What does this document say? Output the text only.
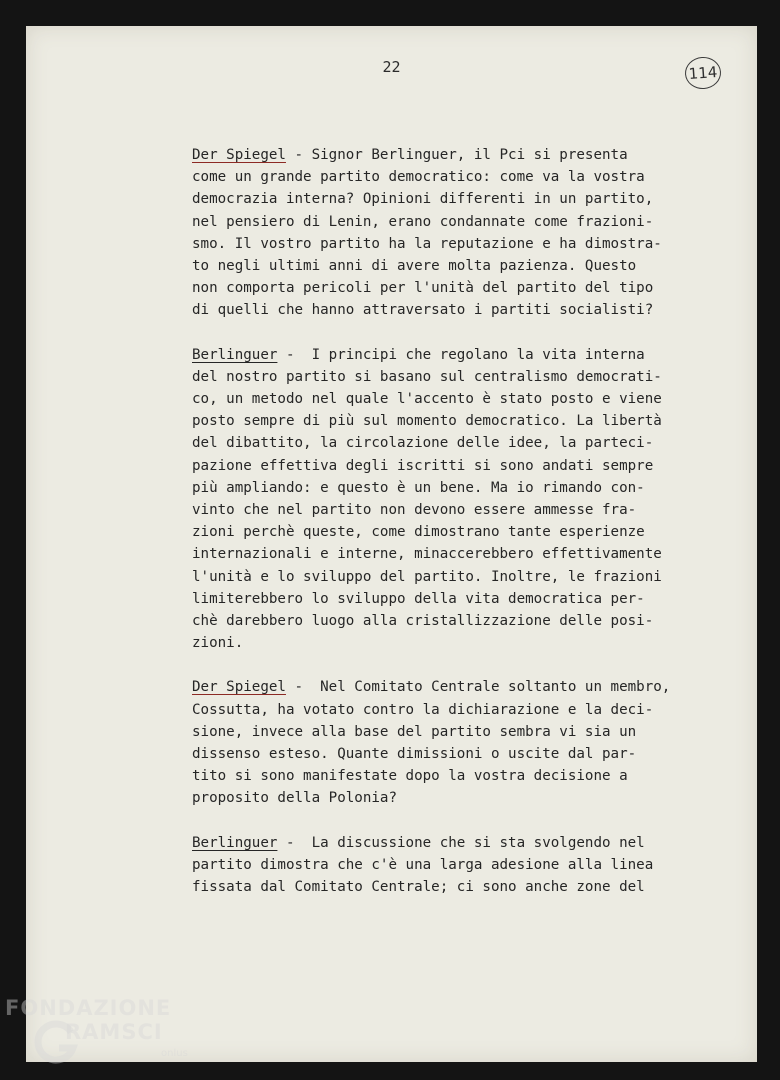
22	114

Der Spiegel - Signor Berlinguer, il Pci si presenta
come un grande partito democratico: come va la vostra
democrazia interna? Opinioni differenti in un partito,
nel pensiero di Lenin, erano condannate come frazioni-
smo. Il vostro partito ha la reputazione e ha dimostra-
to negli ultimi anni di avere molta pazienza. Questo
non comporta pericoli per l'unità del partito del tipo
di quelli che hanno attraversato i partiti socialisti?

Berlinguer -  I principi che regolano la vita interna
del nostro partito si basano sul centralismo democrati-
co, un metodo nel quale l'accento è stato posto e viene
posto sempre di più sul momento democratico. La libertà
del dibattito, la circolazione delle idee, la parteci-
pazione effettiva degli iscritti si sono andati sempre
più ampliando: e questo è un bene. Ma io rimando con-
vinto che nel partito non devono essere ammesse fra-
zioni perchè queste, come dimostrano tante esperienze
internazionali e interne, minaccerebbero effettivamente
l'unità e lo sviluppo del partito. Inoltre, le frazioni
limiterebbero lo sviluppo della vita democratica per-
chè darebbero luogo alla cristallizzazione delle posi-
zioni.

Der Spiegel -  Nel Comitato Centrale soltanto un membro,
Cossutta, ha votato contro la dichiarazione e la deci-
sione, invece alla base del partito sembra vi sia un
dissenso esteso. Quante dimissioni o uscite dal par-
tito si sono manifestate dopo la vostra decisione a
proposito della Polonia?

Berlinguer -  La discussione che si sta svolgendo nel
partito dimostra che c'è una larga adesione alla linea
fissata dal Comitato Centrale; ci sono anche zone del

FONDAZIONE
RAMSCI
onlus
